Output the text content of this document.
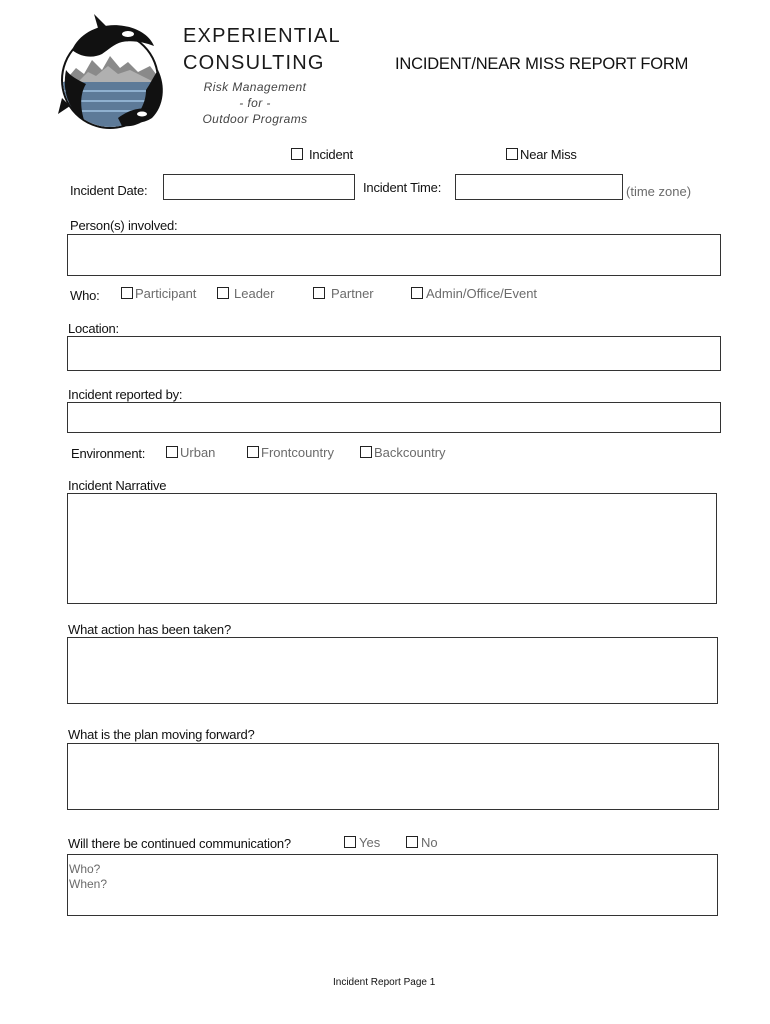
EXPERIENTIAL
CONSULTING
Risk Management
- for -
Outdoor Programs
INCIDENT/NEAR MISS REPORT FORM
Incident	Near Miss
Incident Date:	Incident Time:	(time zone)
Person(s) involved:
Who:	Participant	Leader	Partner	Admin/Office/Event
Location:
Incident reported by:
Environment:	Urban	Frontcountry	Backcountry
Incident Narrative
What action has been taken?
What is the plan moving forward?
Will there be continued communication?	Yes	No
Who?
When?
Incident Report Page 1
